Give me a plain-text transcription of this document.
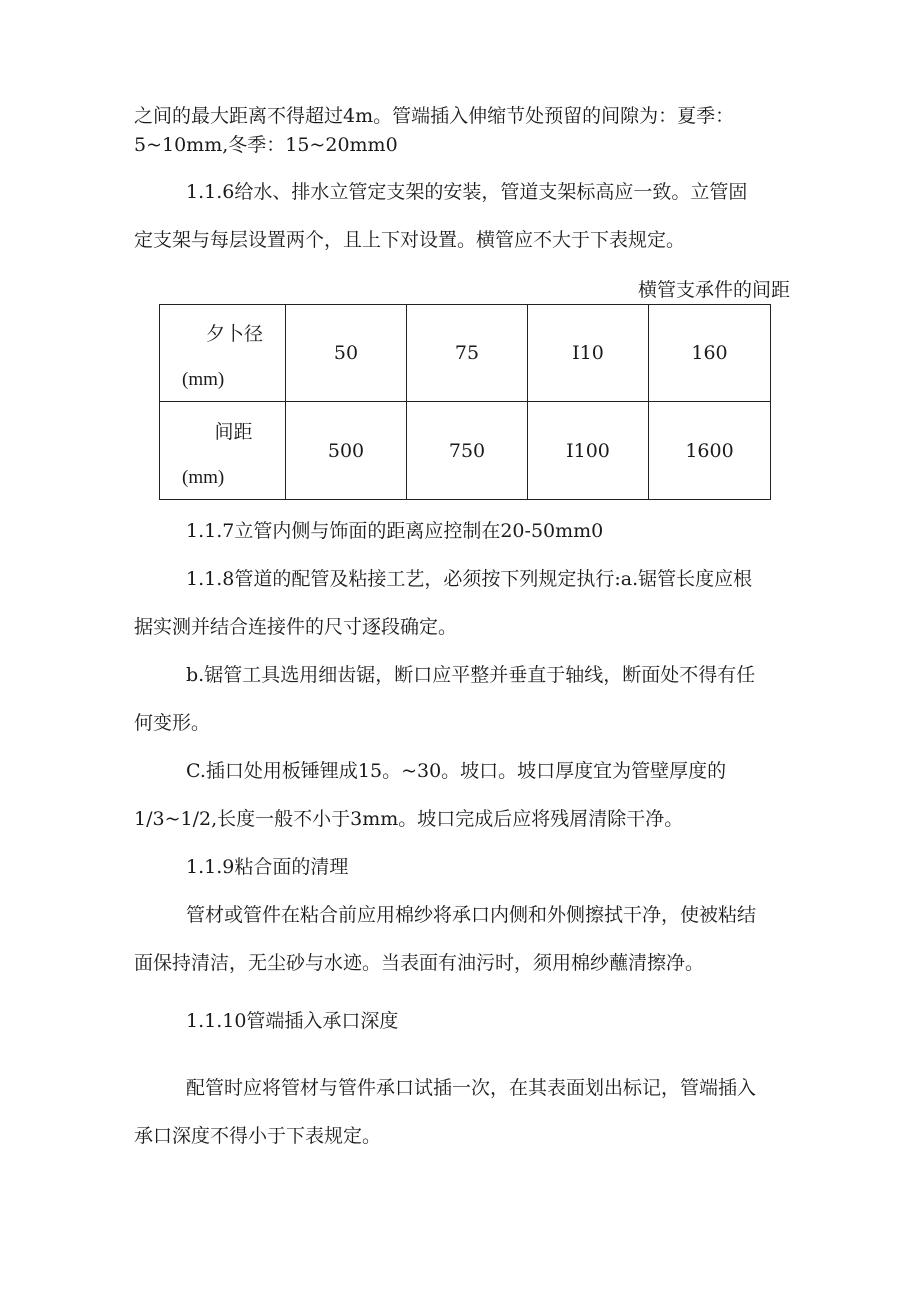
之间的最大距离不得超过4m。管端插入伸缩节处预留的间隙为：夏季：
5~10mm,冬季：15~20mm0
1.1.6给水、排水立管定支架的安装，管道支架标高应一致。立管固
定支架与每层设置两个，且上下对设置。横管应不大于下表规定。
横管支承件的间距
夕卜径
(mm)	50	75	I10	160

间距
(mm)	500	750	I100	1600
1.1.7立管内侧与饰面的距离应控制在20-50mm0
1.1.8管道的配管及粘接工艺，必须按下列规定执行:a.锯管长度应根
据实测并结合连接件的尺寸逐段确定。
b.锯管工具选用细齿锯，断口应平整并垂直于轴线，断面处不得有任
何变形。
C.插口处用板锤锂成15。~30。坡口。坡口厚度宜为管壁厚度的
1/3~1/2,长度一般不小于3mm。坡口完成后应将残屑清除干净。
1.1.9粘合面的清理
管材或管件在粘合前应用棉纱将承口内侧和外侧擦拭干净，使被粘结
面保持清洁，无尘砂与水迹。当表面有油污时，须用棉纱蘸清擦净。
1.1.10管端插入承口深度
配管时应将管材与管件承口试插一次，在其表面划出标记，管端插入
承口深度不得小于下表规定。
